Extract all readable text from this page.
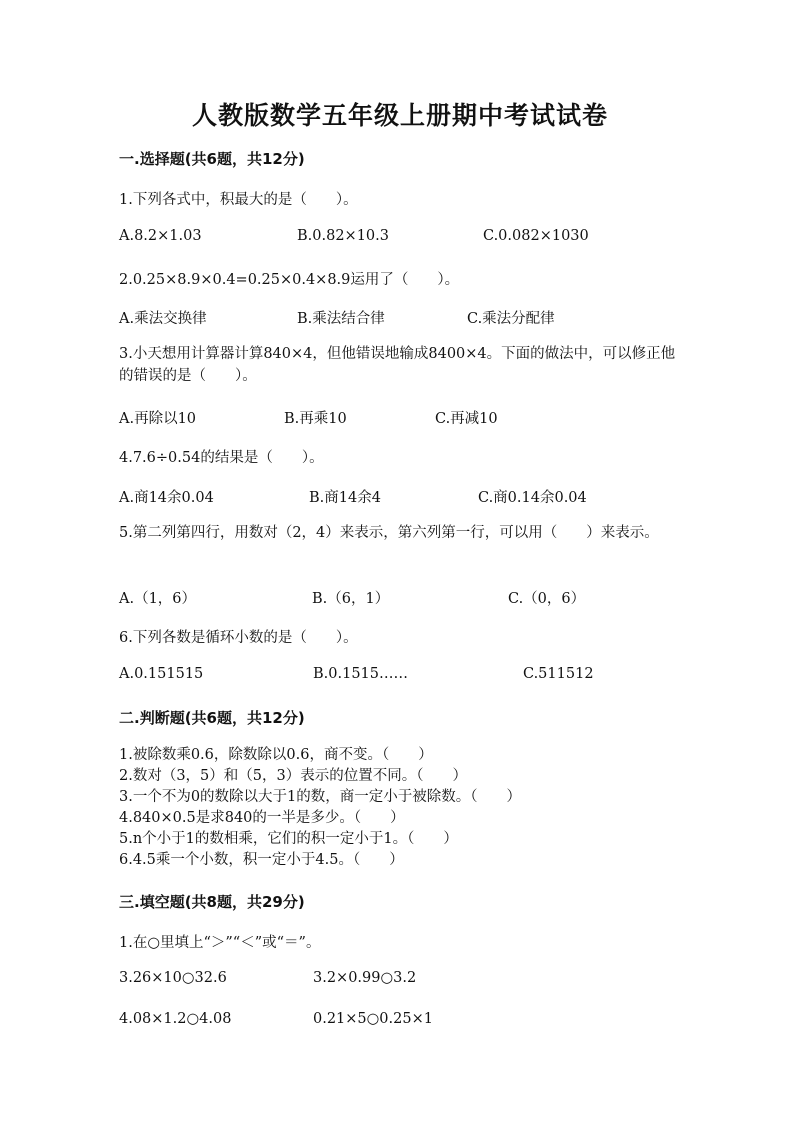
人教版数学五年级上册期中考试试卷
一.选择题(共6题，共12分)
1.下列各式中，积最大的是（　　）。
A.8.2×1.03	B.0.82×10.3	C.0.082×1030
2.0.25×8.9×0.4=0.25×0.4×8.9运用了（　　）。
A.乘法交换律	B.乘法结合律	C.乘法分配律
3.小天想用计算器计算840×4，但他错误地输成8400×4。下面的做法中，可以修正他的错误的是（　　）。
A.再除以10	B.再乘10	C.再减10
4.7.6÷0.54的结果是（　　）。
A.商14余0.04	B.商14余4	C.商0.14余0.04
5.第二列第四行，用数对（2，4）来表示，第六列第一行，可以用（　　）来表示。
A.（1，6）	B.（6，1）	C.（0，6）
6.下列各数是循环小数的是（　　）。
A.0.151515	B.0.1515……	C.511512
二.判断题(共6题，共12分)
1.被除数乘0.6，除数除以0.6，商不变。（　　）
2.数对（3，5）和（5，3）表示的位置不同。（　　）
3.一个不为0的数除以大于1的数，商一定小于被除数。（　　）
4.840×0.5是求840的一半是多少。（　　）
5.n个小于1的数相乘，它们的积一定小于1。（　　）
6.4.5乘一个小数，积一定小于4.5。（　　）
三.填空题(共8题，共29分)
1.在○里填上“＞”“＜”或“＝”。
3.26×10○32.6	3.2×0.99○3.2
4.08×1.2○4.08	0.21×5○0.25×1
